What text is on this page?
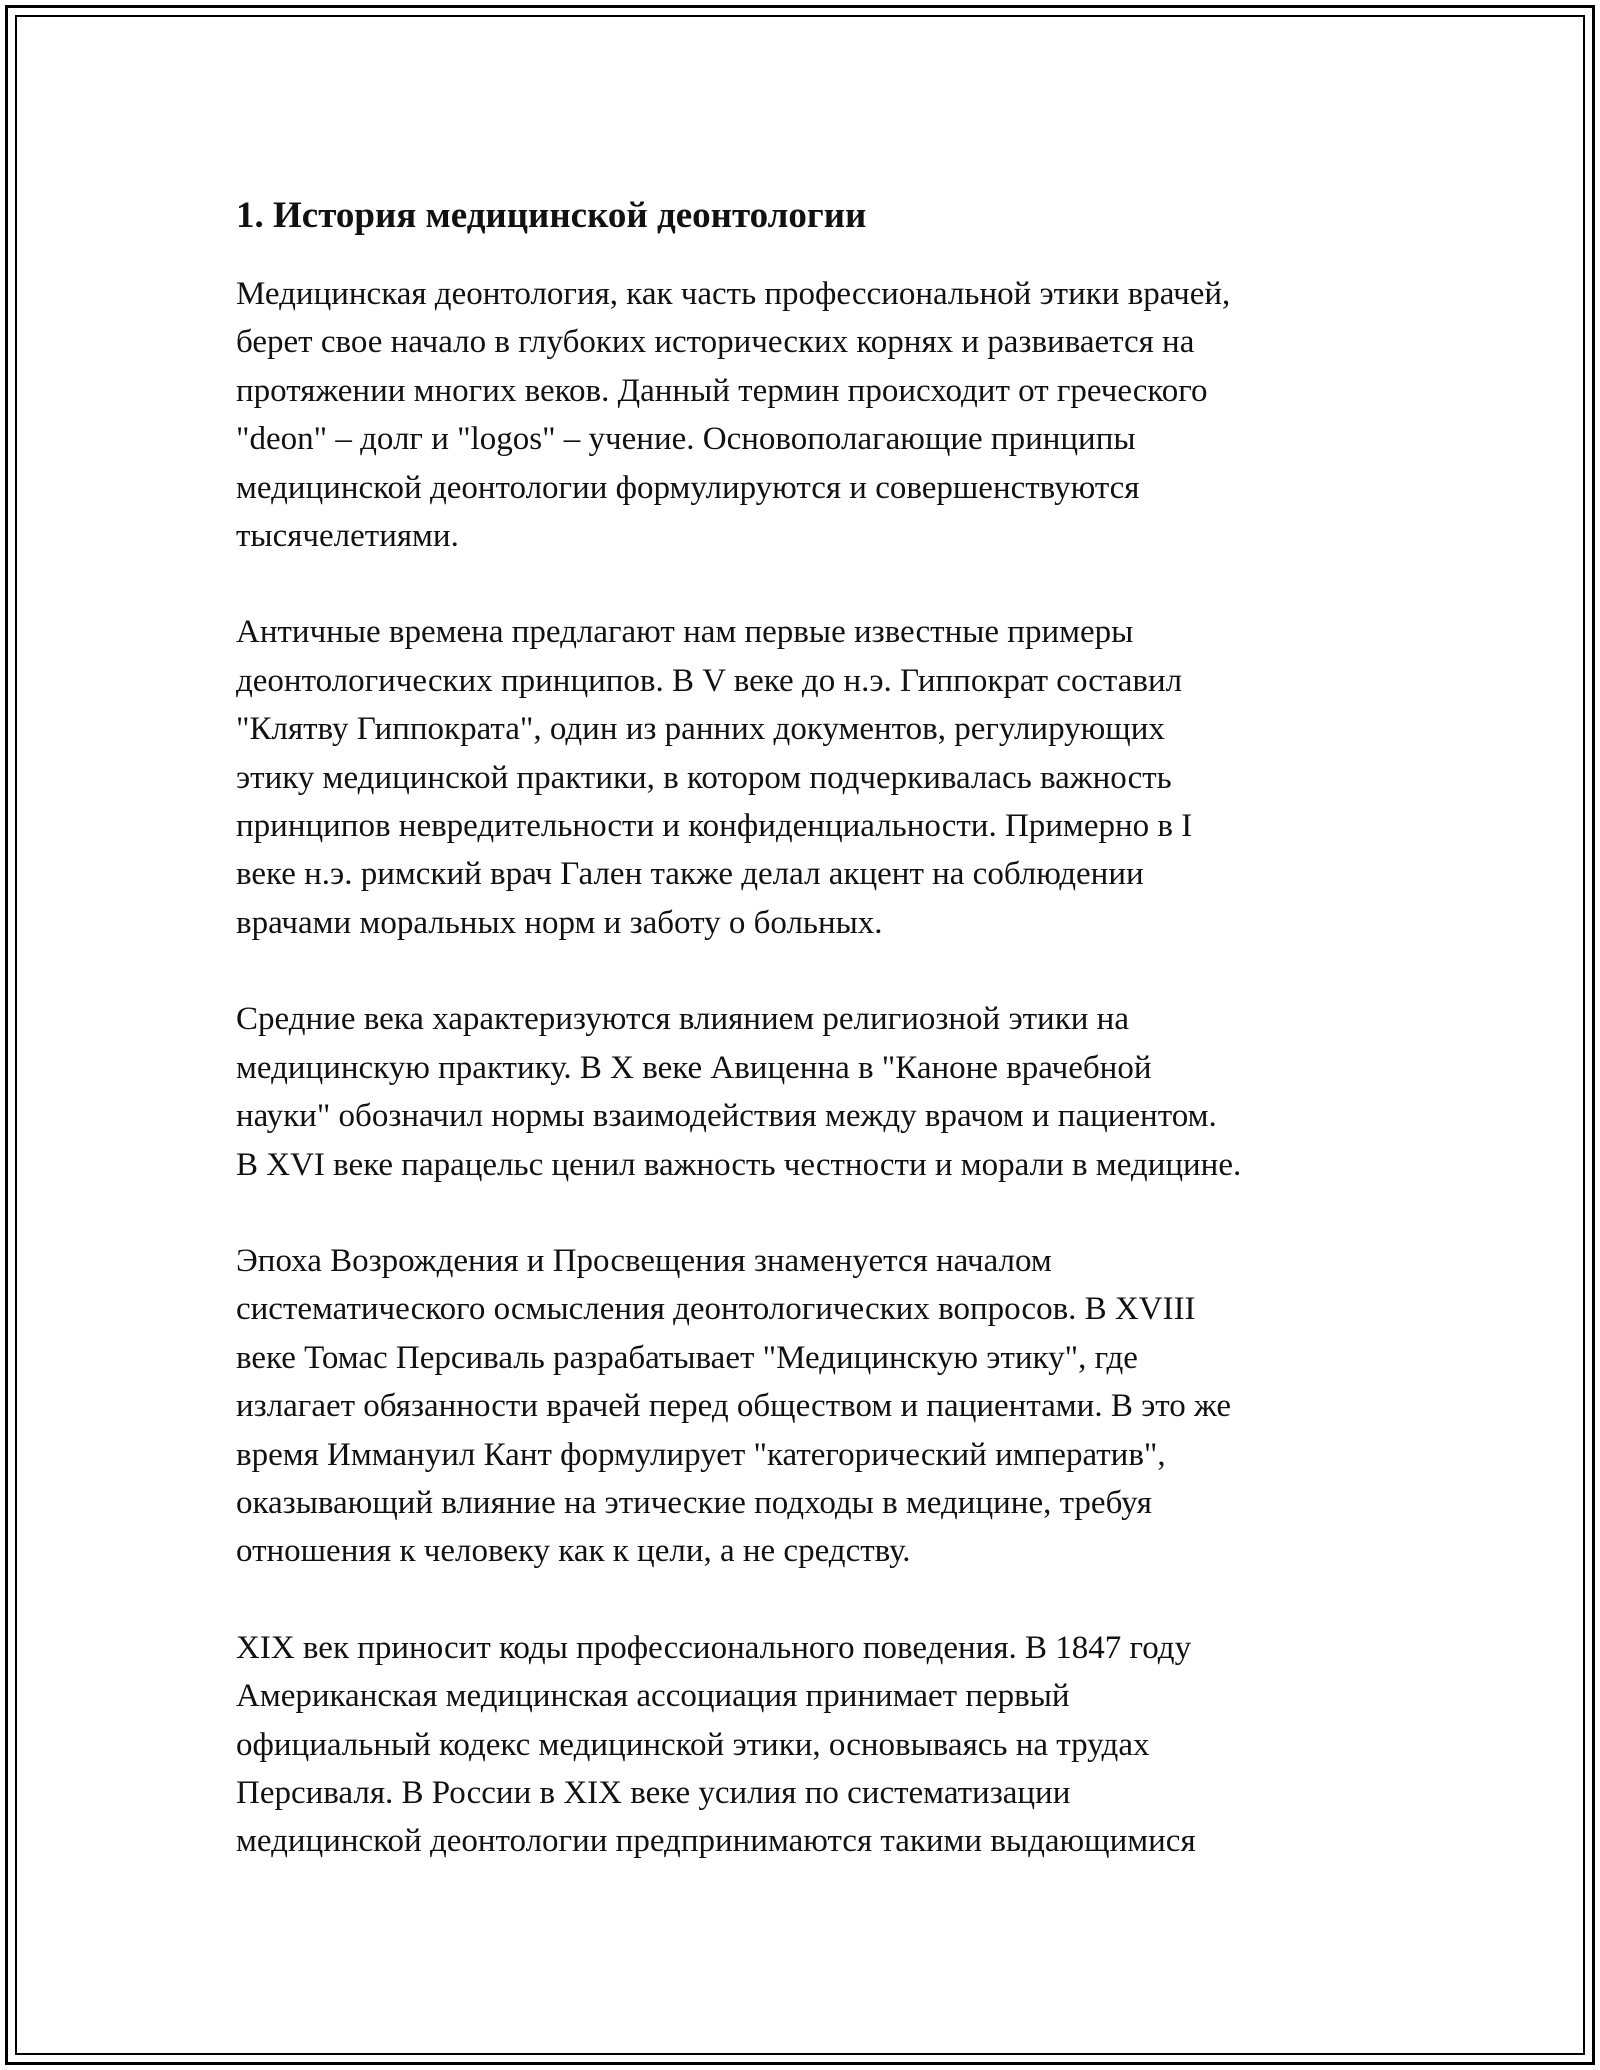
1. История медицинской деонтологии

Медицинская деонтология, как часть профессиональной этики врачей,
берет свое начало в глубоких исторических корнях и развивается на
протяжении многих веков. Данный термин происходит от греческого
"deon" – долг и "logos" – учение. Основополагающие принципы
медицинской деонтологии формулируются и совершенствуются
тысячелетиями.

Античные времена предлагают нам первые известные примеры
деонтологических принципов. В V веке до н.э. Гиппократ составил
"Клятву Гиппократа", один из ранних документов, регулирующих
этику медицинской практики, в котором подчеркивалась важность
принципов невредительности и конфиденциальности. Примерно в I
веке н.э. римский врач Гален также делал акцент на соблюдении
врачами моральных норм и заботу о больных.

Средние века характеризуются влиянием религиозной этики на
медицинскую практику. В X веке Авиценна в "Каноне врачебной
науки" обозначил нормы взаимодействия между врачом и пациентом.
В XVI веке парацельс ценил важность честности и морали в медицине.

Эпоха Возрождения и Просвещения знаменуется началом
систематического осмысления деонтологических вопросов. В XVIII
веке Томас Персиваль разрабатывает "Медицинскую этику", где
излагает обязанности врачей перед обществом и пациентами. В это же
время Иммануил Кант формулирует "категорический императив",
оказывающий влияние на этические подходы в медицине, требуя
отношения к человеку как к цели, а не средству.

XIX век приносит коды профессионального поведения. В 1847 году
Американская медицинская ассоциация принимает первый
официальный кодекс медицинской этики, основываясь на трудах
Персиваля. В России в XIX веке усилия по систематизации
медицинской деонтологии предпринимаются такими выдающимися
